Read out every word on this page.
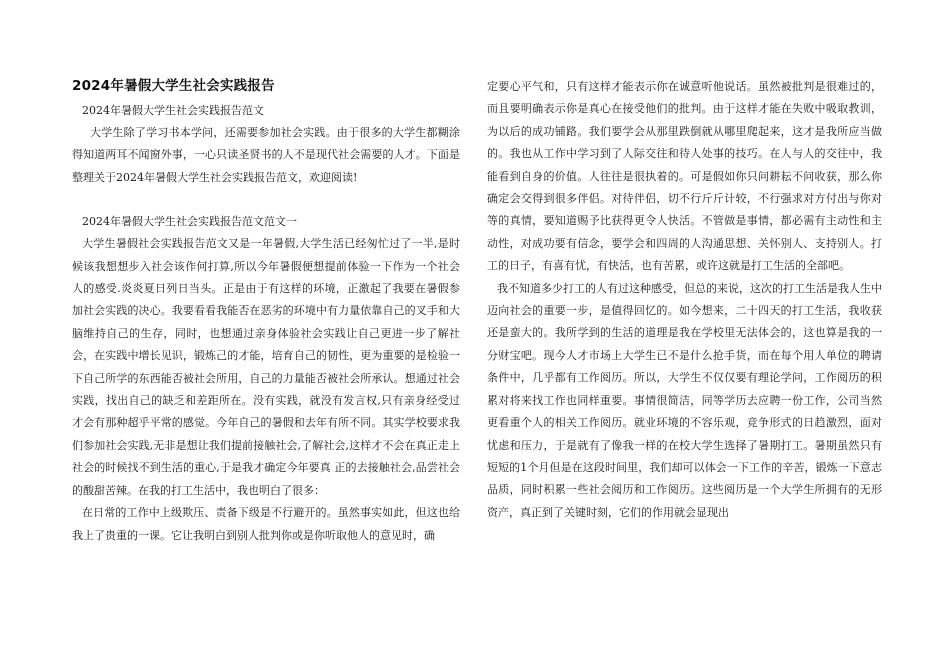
2024年暑假大学生社会实践报告

2024年暑假大学生社会实践报告范文

大学生除了学习书本学问，还需要参加社会实践。由于很多的大学生都糊涂得知道两耳不闻窗外事，一心只读圣贤书的人不是现代社会需要的人才。下面是整理关于2024年暑假大学生社会实践报告范文，欢迎阅读!

2024年暑假大学生社会实践报告范文范文一

大学生暑假社会实践报告范文又是一年暑假,大学生活已经匆忙过了一半,是时候该我想想步入社会该作何打算,所以今年暑假便想提前体验一下作为一个社会人的感受.炎炎夏日列日当头。正是由于有这样的环境，正激起了我要在暑假参加社会实践的决心。我要看看我能否在恶劣的环境中有力量依靠自己的叉手和大脑维持自己的生存，同时，也想通过亲身体验社会实践让自己更进一步了解社会，在实践中增长见识，锻炼己的才能，培育自己的韧性，更为重要的是检验一下自己所学的东西能否被社会所用，自己的力量能否被社会所承认。想通过社会实践，找出自己的缺乏和差距所在。没有实践，就没有发言权,只有亲身经受过才会有那种超乎平常的感觉。今年自己的暑假和去年有所不同。其实学校要求我们参加社会实践,无非是想让我们提前接触社会,了解社会,这样才不会在真正走上社会的时候找不到生活的重心,于是我才确定今年要真 正的去接触社会,品尝社会的酸甜苦辣。在我的打工生活中，我也明白了很多：

在日常的工作中上级欺压、责备下级是不行避开的。虽然事实如此，但这也给我上了贵重的一课。它让我明白到别人批判你或是你听取他人的意见时，确

定要心平气和，只有这样才能表示你在诚意听他说话。虽然被批判是很难过的，而且要明确表示你是真心在接受他们的批判。由于这样才能在失败中吸取教训，为以后的成功铺路。我们要学会从那里跌倒就从哪里爬起来，这才是我所应当做的。我也从工作中学习到了人际交往和待人处事的技巧。在人与人的交往中，我能看到自身的价值。人往往是很执着的。可是假如你只问耕耘不问收获，那么你确定会交得到很多伴侣。对待伴侣，切不行斤斤计较，不行强求对方付出与你对等的真情，要知道赐予比获得更令人快活。不管做是事情，都必需有主动性和主动性，对成功要有信念，要学会和四周的人沟通思想、关怀别人、支持别人。打工的日子，有喜有忧，有快活，也有苦累，或许这就是打工生活的全部吧。

我不知道多少打工的人有过这种感受，但总的来说，这次的打工生活是我人生中迈向社会的重要一步，是值得回忆的。如今想来，二十四天的打工生活，我收获还是蛮大的。我所学到的生活的道理是我在学校里无法体会的，这也算是我的一分财宝吧。现今人才市场上大学生已不是什么抢手货，而在每个用人单位的聘请条件中，几乎都有工作阅历。所以，大学生不仅仅要有理论学问，工作阅历的积累对将来找工作也同样重要。事情很简洁，同等学历去应聘一份工作，公司当然更看重个人的相关工作阅历。就业环境的不容乐观，竞争形式的日趋激烈，面对忧虑和压力，于是就有了像我一样的在校大学生选择了暑期打工。暑期虽然只有短短的1个月但是在这段时间里，我们却可以体会一下工作的辛苦，锻炼一下意志品质，同时积累一些社会阅历和工作阅历。这些阅历是一个大学生所拥有的无形资产，真正到了关键时刻，它们的作用就会显现出
